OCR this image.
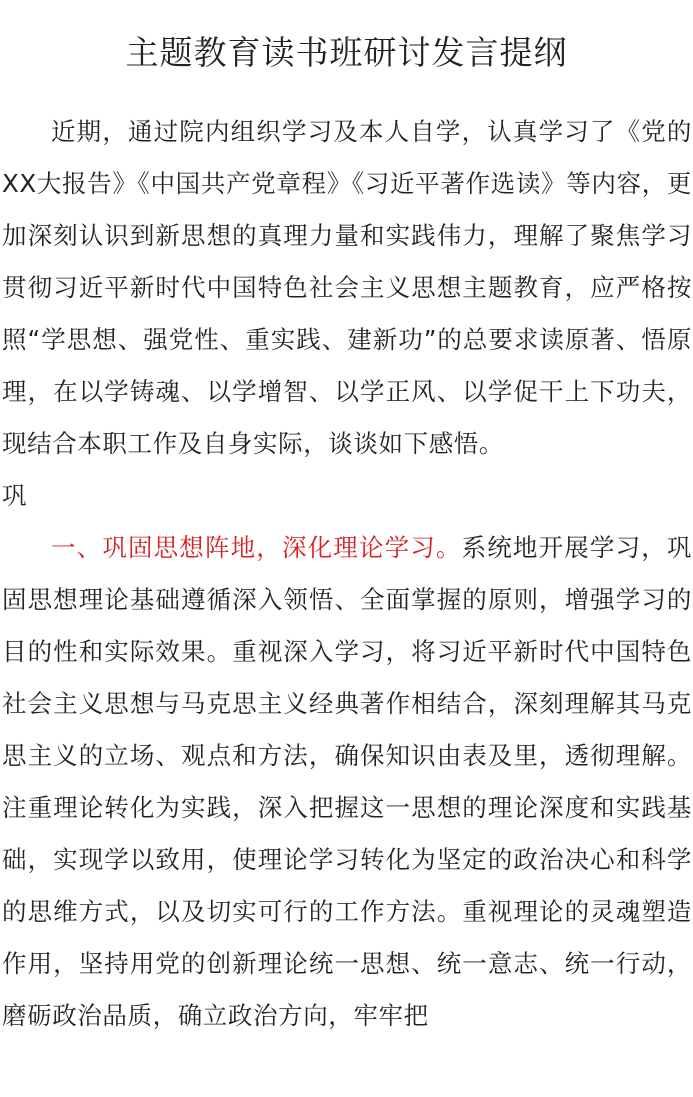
主题教育读书班研讨发言提纲

近期，通过院内组织学习及本人自学，认真学习了《党的XX大报告》《中国共产党章程》《习近平著作选读》等内容，更加深刻认识到新思想的真理力量和实践伟力，理解了聚焦学习贯彻习近平新时代中国特色社会主义思想主题教育，应严格按照“学思想、强党性、重实践、建新功”的总要求读原著、悟原理，在以学铸魂、以学增智、以学正风、以学促干上下功夫，现结合本职工作及自身实际，谈谈如下感悟。

巩

一、巩固思想阵地，深化理论学习。系统地开展学习，巩固思想理论基础遵循深入领悟、全面掌握的原则，增强学习的目的性和实际效果。重视深入学习，将习近平新时代中国特色社会主义思想与马克思主义经典著作相结合，深刻理解其马克思主义的立场、观点和方法，确保知识由表及里，透彻理解。注重理论转化为实践，深入把握这一思想的理论深度和实践基础，实现学以致用，使理论学习转化为坚定的政治决心和科学的思维方式，以及切实可行的工作方法。重视理论的灵魂塑造作用，坚持用党的创新理论统一思想、统一意志、统一行动，磨砺政治品质，确立政治方向，牢牢把
